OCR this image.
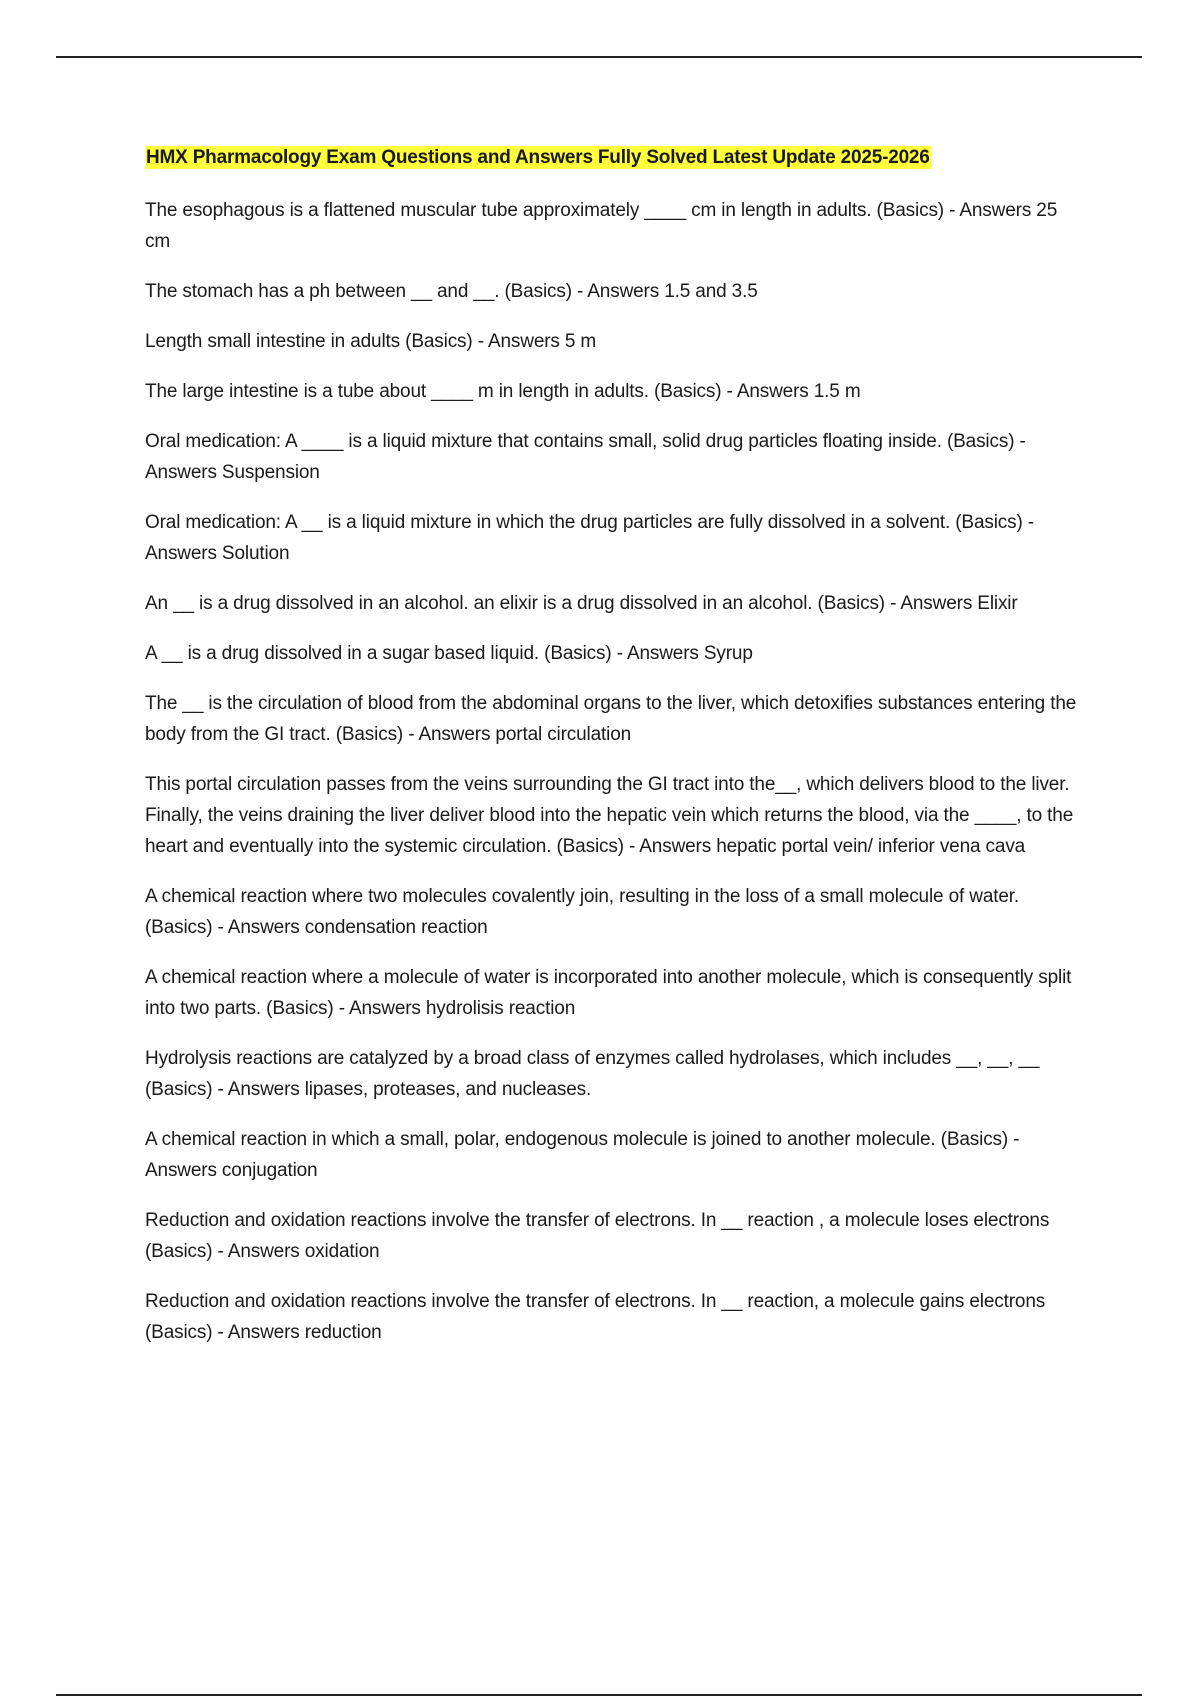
HMX Pharmacology Exam Questions and Answers Fully Solved Latest Update 2025-2026

The esophagous is a flattened muscular tube approximately ____ cm in length in adults. (Basics) - Answers 25 cm

The stomach has a ph between __ and __. (Basics) - Answers 1.5 and 3.5

Length small intestine in adults (Basics) - Answers 5 m

The large intestine is a tube about ____ m in length in adults. (Basics) - Answers 1.5 m

Oral medication: A ____ is a liquid mixture that contains small, solid drug particles floating inside. (Basics) - Answers Suspension

Oral medication: A __ is a liquid mixture in which the drug particles are fully dissolved in a solvent. (Basics) - Answers Solution

An __ is a drug dissolved in an alcohol. an elixir is a drug dissolved in an alcohol. (Basics) - Answers Elixir

A __ is a drug dissolved in a sugar based liquid. (Basics) - Answers Syrup

The __ is the circulation of blood from the abdominal organs to the liver, which detoxifies substances entering the body from the GI tract. (Basics) - Answers portal circulation

This portal circulation passes from the veins surrounding the GI tract into the__, which delivers blood to the liver. Finally, the veins draining the liver deliver blood into the hepatic vein which returns the blood, via the ____, to the heart and eventually into the systemic circulation. (Basics) - Answers hepatic portal vein/ inferior vena cava

A chemical reaction where two molecules covalently join, resulting in the loss of a small molecule of water. (Basics) - Answers condensation reaction

A chemical reaction where a molecule of water is incorporated into another molecule, which is consequently split into two parts. (Basics) - Answers hydrolisis reaction

Hydrolysis reactions are catalyzed by a broad class of enzymes called hydrolases, which includes __, __, __ (Basics) - Answers lipases, proteases, and nucleases.

A chemical reaction in which a small, polar, endogenous molecule is joined to another molecule. (Basics) - Answers conjugation

Reduction and oxidation reactions involve the transfer of electrons. In __ reaction , a molecule loses electrons (Basics) - Answers oxidation

Reduction and oxidation reactions involve the transfer of electrons. In __ reaction, a molecule gains electrons (Basics) - Answers reduction
